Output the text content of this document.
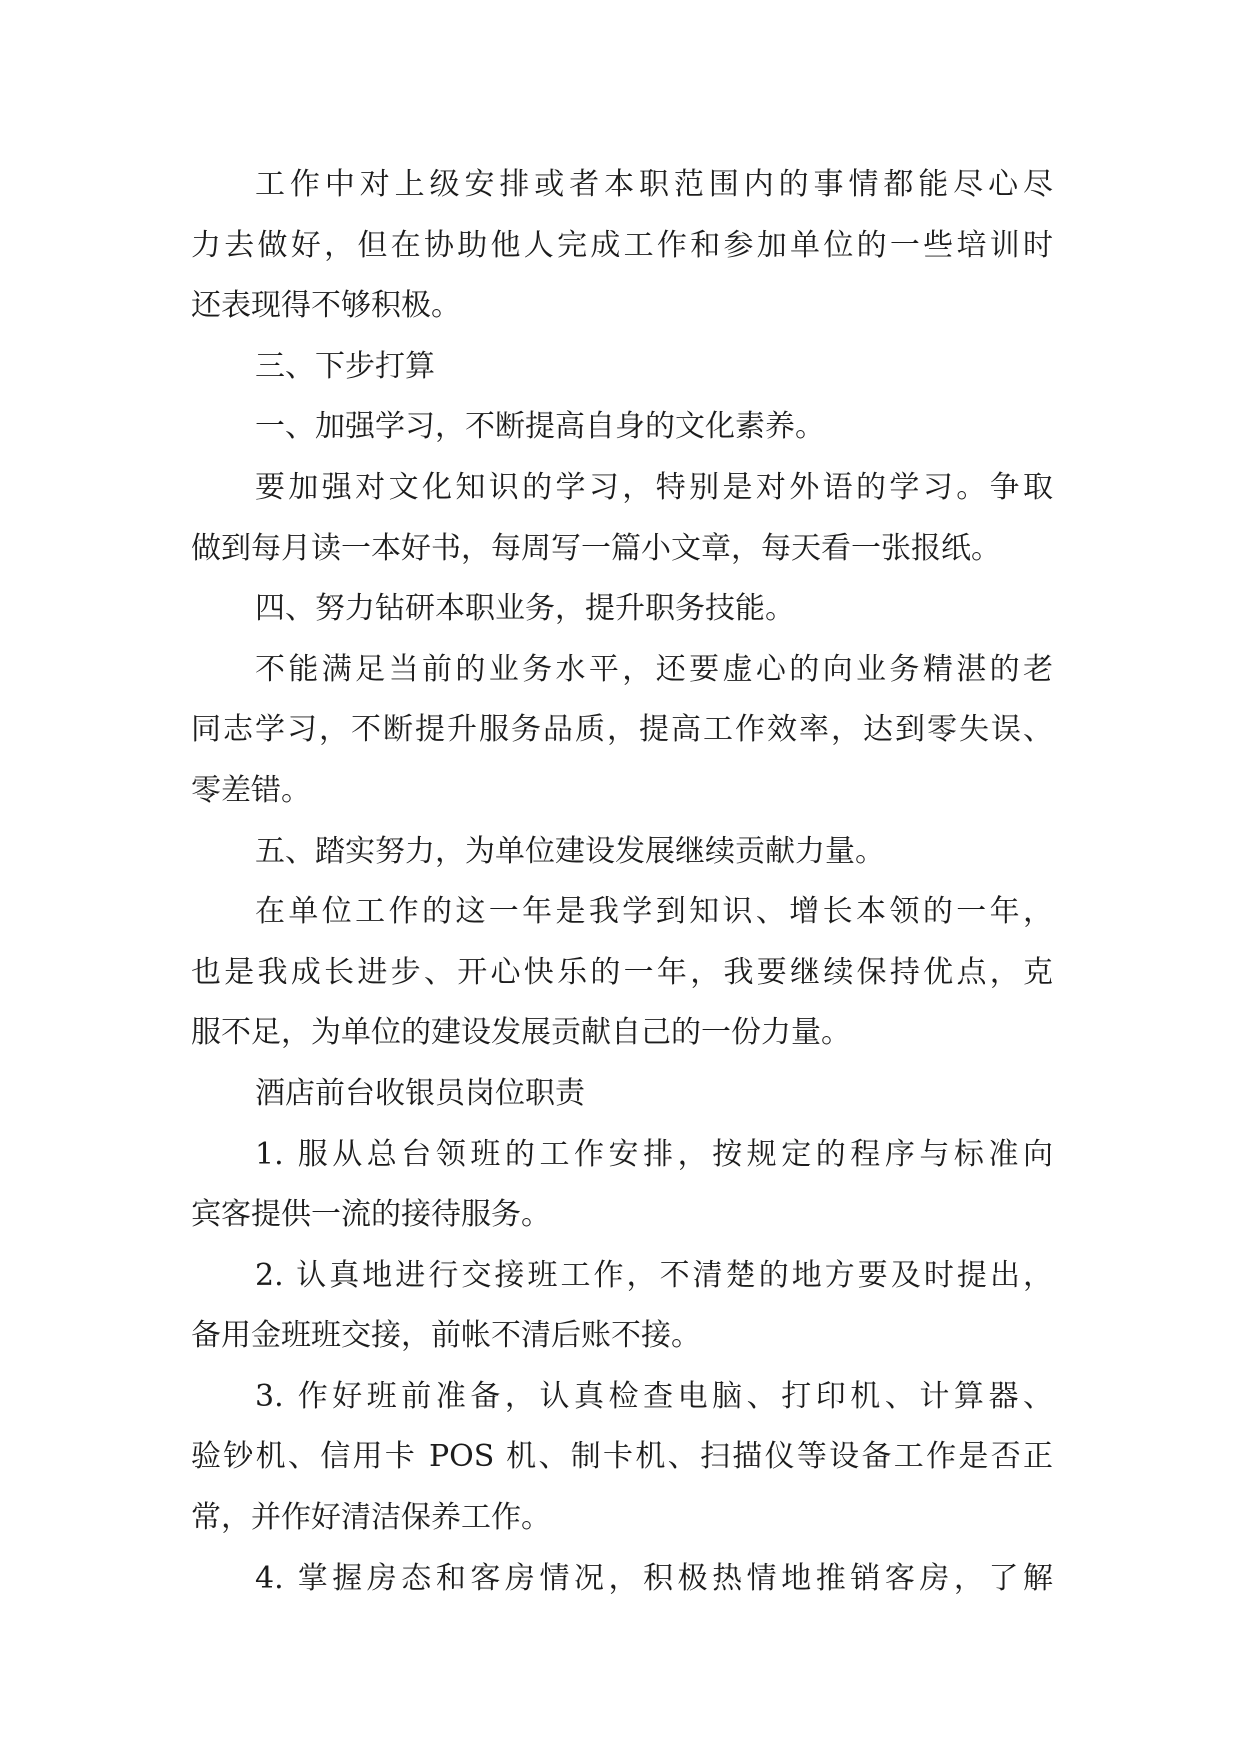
工作中对上级安排或者本职范围内的事情都能尽心尽
力去做好，但在协助他人完成工作和参加单位的一些培训时
还表现得不够积极。
三、下步打算
一、加强学习，不断提高自身的文化素养。
要加强对文化知识的学习，特别是对外语的学习。争取
做到每月读一本好书，每周写一篇小文章，每天看一张报纸。
四、努力钻研本职业务，提升职务技能。
不能满足当前的业务水平，还要虚心的向业务精湛的老
同志学习，不断提升服务品质，提高工作效率，达到零失误、
零差错。
五、踏实努力，为单位建设发展继续贡献力量。
在单位工作的这一年是我学到知识、增长本领的一年，
也是我成长进步、开心快乐的一年，我要继续保持优点，克
服不足，为单位的建设发展贡献自己的一份力量。
酒店前台收银员岗位职责
1. 服从总台领班的工作安排，按规定的程序与标准向
宾客提供一流的接待服务。
2. 认真地进行交接班工作，不清楚的地方要及时提出，
备用金班班交接，前帐不清后账不接。
3. 作好班前准备，认真检查电脑、打印机、计算器、
验钞机、信用卡 POS 机、制卡机、扫描仪等设备工作是否正
常，并作好清洁保养工作。
4. 掌握房态和客房情况，积极热情地推销客房，了解
